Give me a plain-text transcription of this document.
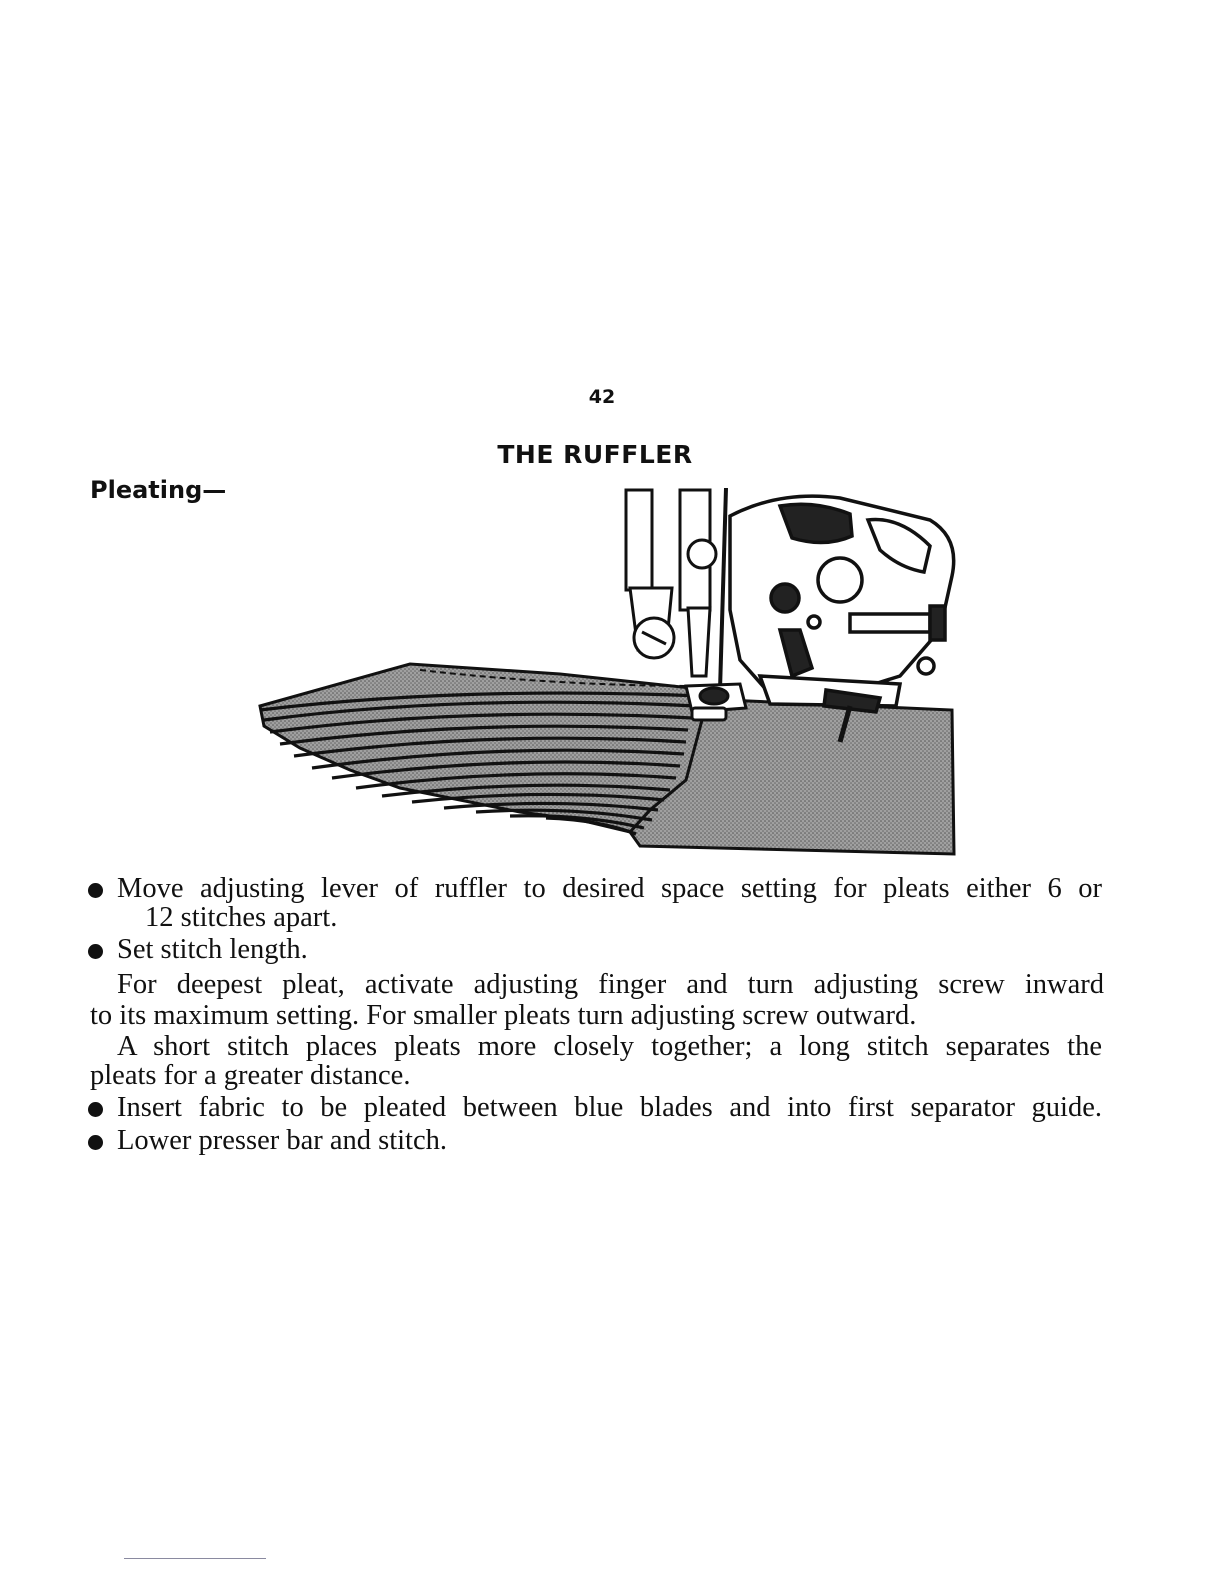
42
THE RUFFLER
Pleating—
Move adjusting lever of ruffler to desired space setting for pleats either 6 or
12 stitches apart.
Set stitch length.
For deepest pleat, activate adjusting finger and turn adjusting screw inward
to its maximum setting. For smaller pleats turn adjusting screw outward.
A short stitch places pleats more closely together; a long stitch separates the
pleats for a greater distance.
Insert fabric to be pleated between blue blades and into first separator guide.
Lower presser bar and stitch.
